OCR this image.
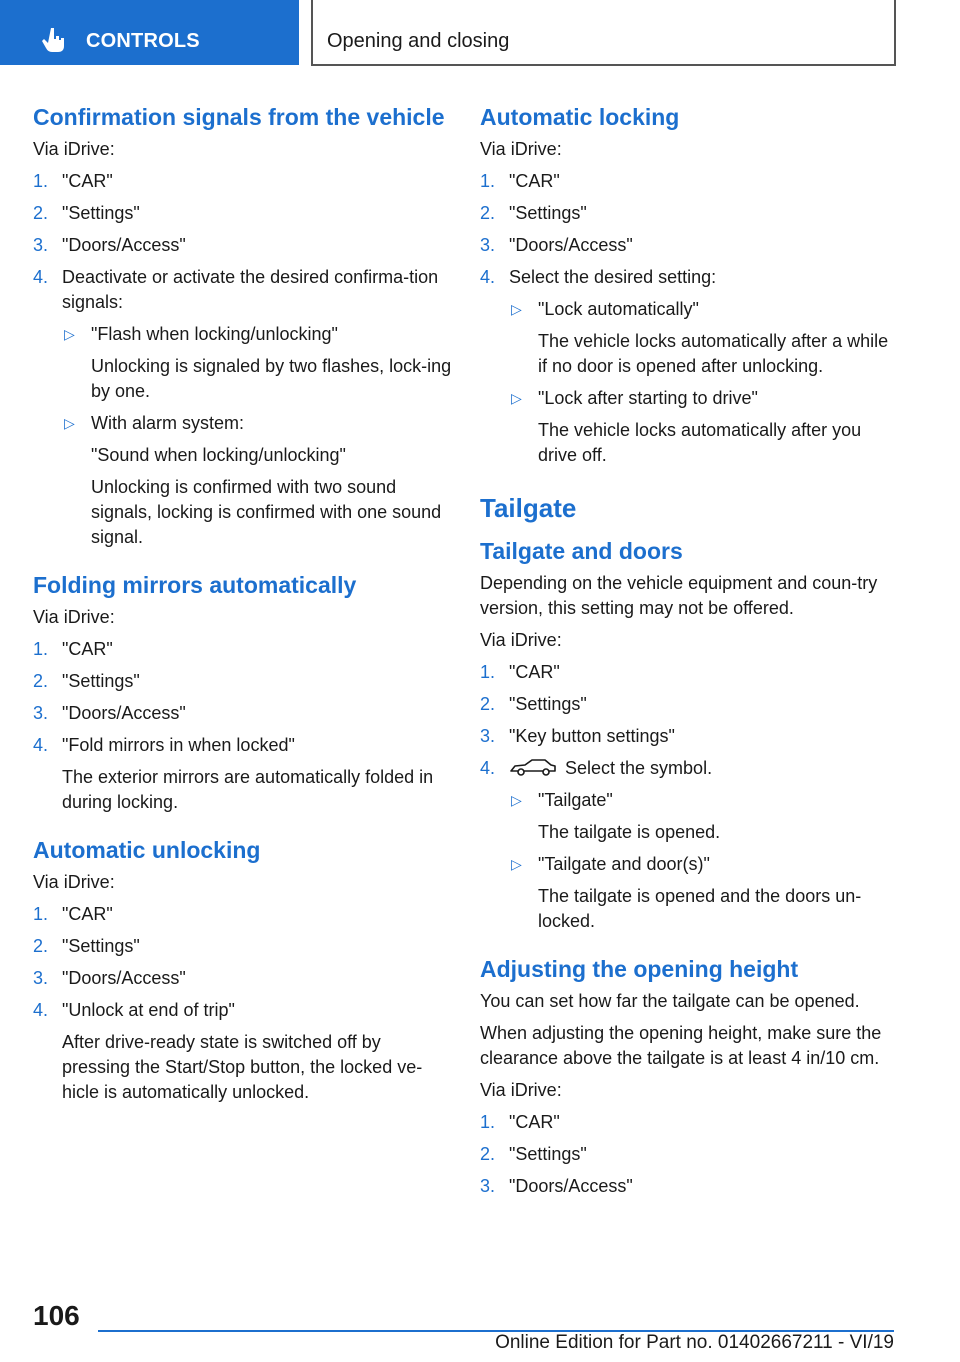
CONTROLS	Opening and closing
Confirmation signals from the vehicle

Via iDrive:

1. "CAR"
2. "Settings"
3. "Doors/Access"
4. Deactivate or activate the desired confirma-tion signals:
▷ "Flash when locking/unlocking"
Unlocking is signaled by two flashes, lock-ing by one.
▷ With alarm system:
"Sound when locking/unlocking"
Unlocking is confirmed with two sound signals, locking is confirmed with one sound signal.
Folding mirrors automatically

Via iDrive:

1. "CAR"
2. "Settings"
3. "Doors/Access"
4. "Fold mirrors in when locked"
The exterior mirrors are automatically folded in during locking.
Automatic unlocking

Via iDrive:

1. "CAR"
2. "Settings"
3. "Doors/Access"
4. "Unlock at end of trip"
After drive-ready state is switched off by pressing the Start/Stop button, the locked ve-hicle is automatically unlocked.
Automatic locking

Via iDrive:

1. "CAR"
2. "Settings"
3. "Doors/Access"
4. Select the desired setting:
▷ "Lock automatically"
The vehicle locks automatically after a while if no door is opened after unlocking.
▷ "Lock after starting to drive"
The vehicle locks automatically after you drive off.
Tailgate
Tailgate and doors

Depending on the vehicle equipment and coun-try version, this setting may not be offered.

Via iDrive:

1. "CAR"
2. "Settings"
3. "Key button settings"
4.	Select the symbol.
▷ "Tailgate"
The tailgate is opened.
▷ "Tailgate and door(s)"
The tailgate is opened and the doors un-locked.
Adjusting the opening height

You can set how far the tailgate can be opened.

When adjusting the opening height, make sure the clearance above the tailgate is at least 4 in/10 cm.

Via iDrive:

1. "CAR"
2. "Settings"
3. "Doors/Access"
106
Online Edition for Part no. 01402667211 - VI/19
